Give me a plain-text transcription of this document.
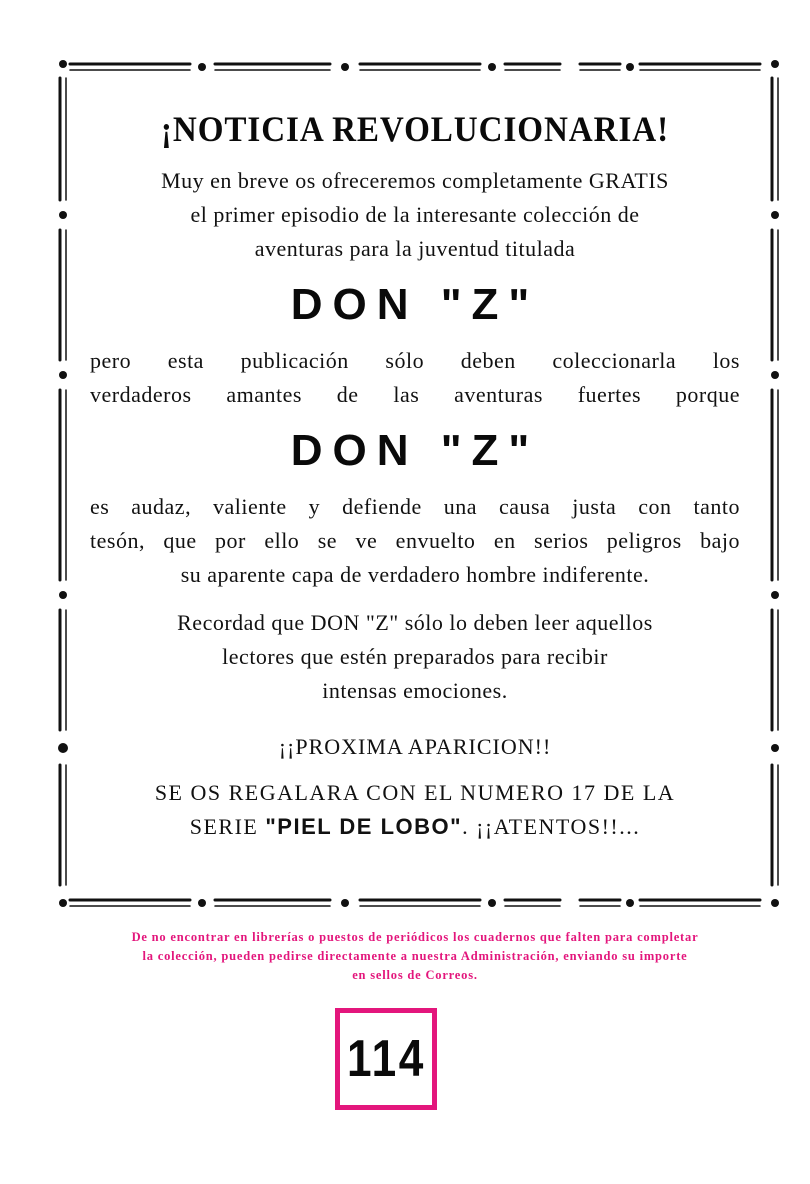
¡NOTICIA REVOLUCIONARIA!

Muy en breve os ofreceremos completamente GRATIS

el primer episodio de la interesante colección de

aventuras para la juventud titulada

DON "Z"

pero esta publicación sólo deben coleccionarla los

verdaderos amantes de las aventuras fuertes porque

DON "Z"

es audaz, valiente y defiende una causa justa con tanto

tesón, que por ello se ve envuelto en serios peligros bajo

su aparente capa de verdadero hombre indiferente.

Recordad que DON "Z" sólo lo deben leer aquellos

lectores que estén preparados para recibir

intensas emociones.

¡¡PROXIMA APARICION!!
SE OS REGALARA CON EL NUMERO 17 DE LA
SERIE "PIEL DE LOBO". ¡¡ATENTOS!!...
De no encontrar en librerías o puestos de periódicos los cuadernos que falten para completar
la colección, pueden pedirse directamente a nuestra Administración, enviando su importe
en sellos de Correos.
114
